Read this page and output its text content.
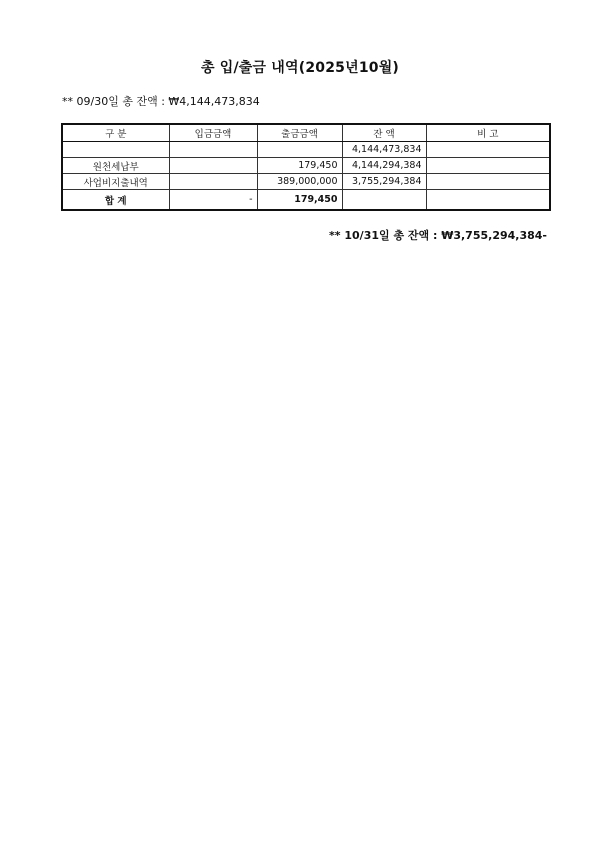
총 입/출금 내역(2025년10월)
** 09/30일 총 잔액 : ₩4,144,473,834
구 분	입금금액	출금금액	잔 액	비 고
			4,144,473,834	
원천세납부		179,450	4,144,294,384	
사업비지출내역		389,000,000	3,755,294,384	
합 계	-	179,450		
** 10/31일 총 잔액 : ₩3,755,294,384-
